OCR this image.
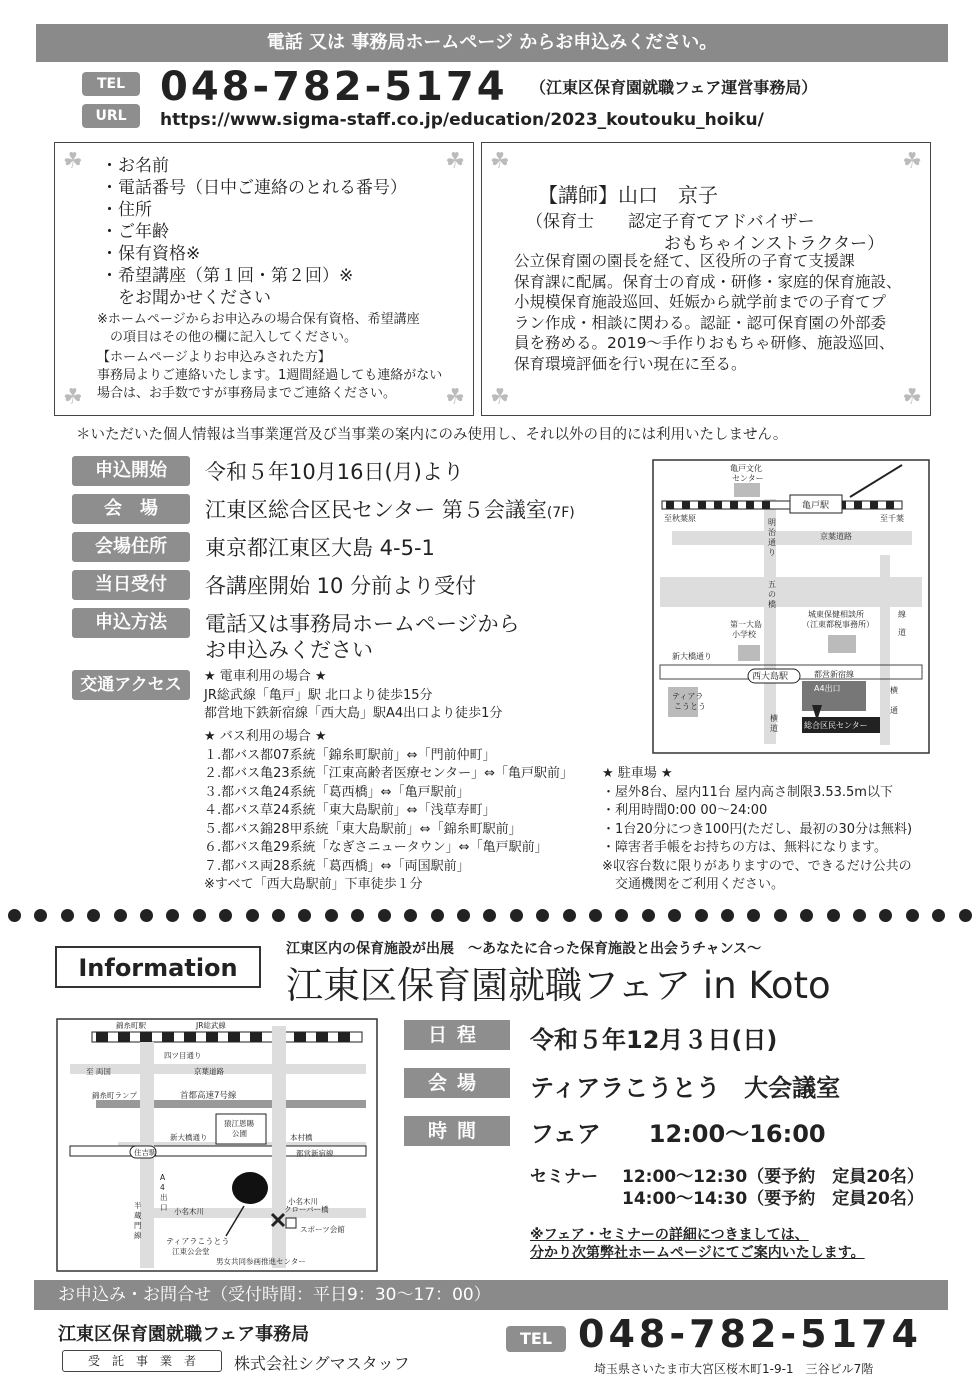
電話 又は 事務局ホームページ からお申込みください。
TEL
URL
048-782-5174 （江東区保育園就職フェア運営事務局）
https://www.sigma-staff.co.jp/education/2023_koutouku_hoiku/
☘	☘
☘	☘
・お名前
・電話番号（日中ご連絡のとれる番号）
・住所
・ご年齢
・保有資格※
・希望講座（第１回・第２回）※
　をお聞かせください
※ホームページからお申込みの場合保有資格、希望講座
　の項目はその他の欄に記入してください。
【ホームページよりお申込みされた方】
事務局よりご連絡いたします。1週間経過しても連絡がない
場合は、お手数ですが事務局までご連絡ください。
☘	☘
☘	☘
【講師】山口　京子
（保育士　　認定子育てアドバイザー
おもちゃインストラクター）
公立保育園の園長を経て、区役所の子育て支援課
保育課に配属。保育士の育成・研修・家庭的保育施設、
小規模保育施設巡回、妊娠から就学前までの子育てプ
ラン作成・相談に関わる。認証・認可保育園の外部委
員を務める。2019～手作りおもちゃ研修、施設巡回、
保育環境評価を行い現在に至る。
＊いただいた個人情報は当事業運営及び当事業の案内にのみ使用し、それ以外の目的には利用いたしません。
申込開始	令和５年10月16日(月)より
会　場	江東区総合区民センター 第５会議室(7F)
会場住所	東京都江東区大島 4-5-1
当日受付	各講座開始 10 分前より受付
申込方法	電話又は事務局ホームページから
お申込みください
交通アクセス	★ 電車利用の場合 ★
JR総武線「亀戸」駅 北口より徒歩15分
都営地下鉄新宿線「西大島」駅A4出口より徒歩1分
★ バス利用の場合 ★
１.都バス都07系統「錦糸町駅前」⇔「門前仲町」
２.都バス亀23系統「江東高齢者医療センター」⇔「亀戸駅前」
３.都バス亀24系統「葛西橋」⇔「亀戸駅前」
４.都バス草24系統「東大島駅前」⇔「浅草寿町」
５.都バス錦28甲系統「東大島駅前」⇔「錦糸町駅前」
６.都バス亀29系統「なぎさニュータウン」⇔「亀戸駅前」
７.都バス両28系統「葛西橋」⇔「両国駅前」
※すべて「西大島駅前」下車徒歩１分
★ 駐車場 ★
・屋外8台、屋内11台 屋内高さ制限3.53.5m以下
・利用時間0:00 00～24:00
・1台20分につき100円(ただし、最初の30分は無料)
・障害者手帳をお持ちの方は、無料になります。
※収容台数に限りがありますので、できるだけ公共の
　交通機関をご利用ください。
亀戸文化
センター
亀戸駅
至秋葉原	至千葉
明
治
通
り
京葉道路
五
の
橋
城東保健相談所
（江東都税事務所）
第一大島
小学校
新大橋通り
西大島駅	都営新宿線
ティアラ
こうとう
A4出口
総合区民センター
線
道
横
通
横
道
Information
江東区内の保育施設が出展　～あなたに合った保育施設と出会うチャンス～
江東区保育園就職フェア in Koto
錦糸町駅	JR総武線
四ツ目通り
至 両国	京葉道路
錦糸町ランプ	首都高速7号線
猿江恩賜
公園
新大橋通り	本村橋
住吉駅	都営新宿線
A
4
出
口 小名木川
半
蔵
門
線
小名木川
クローバー橋
スポーツ会館
ティアラこうとう
江東公会堂
男女共同参画推進センター
日程	令和５年12月３日(日)
会場	ティアラこうとう　大会議室
時間	フェア　　12:00～16:00
セミナー 12:00～12:30（要予約　定員20名）
14:00～14:30（要予約　定員20名）
※フェア・セミナーの詳細につきましては、
分かり次第弊社ホームページにてご案内いたします。
お申込み・お問合せ（受付時間：平日9：30～17：00）
江東区保育園就職フェア事務局
受　託　事　業　者	株式会社シグマスタッフ
TEL 048-782-5174
埼玉県さいたま市大宮区桜木町1-9-1　三谷ビル7階
